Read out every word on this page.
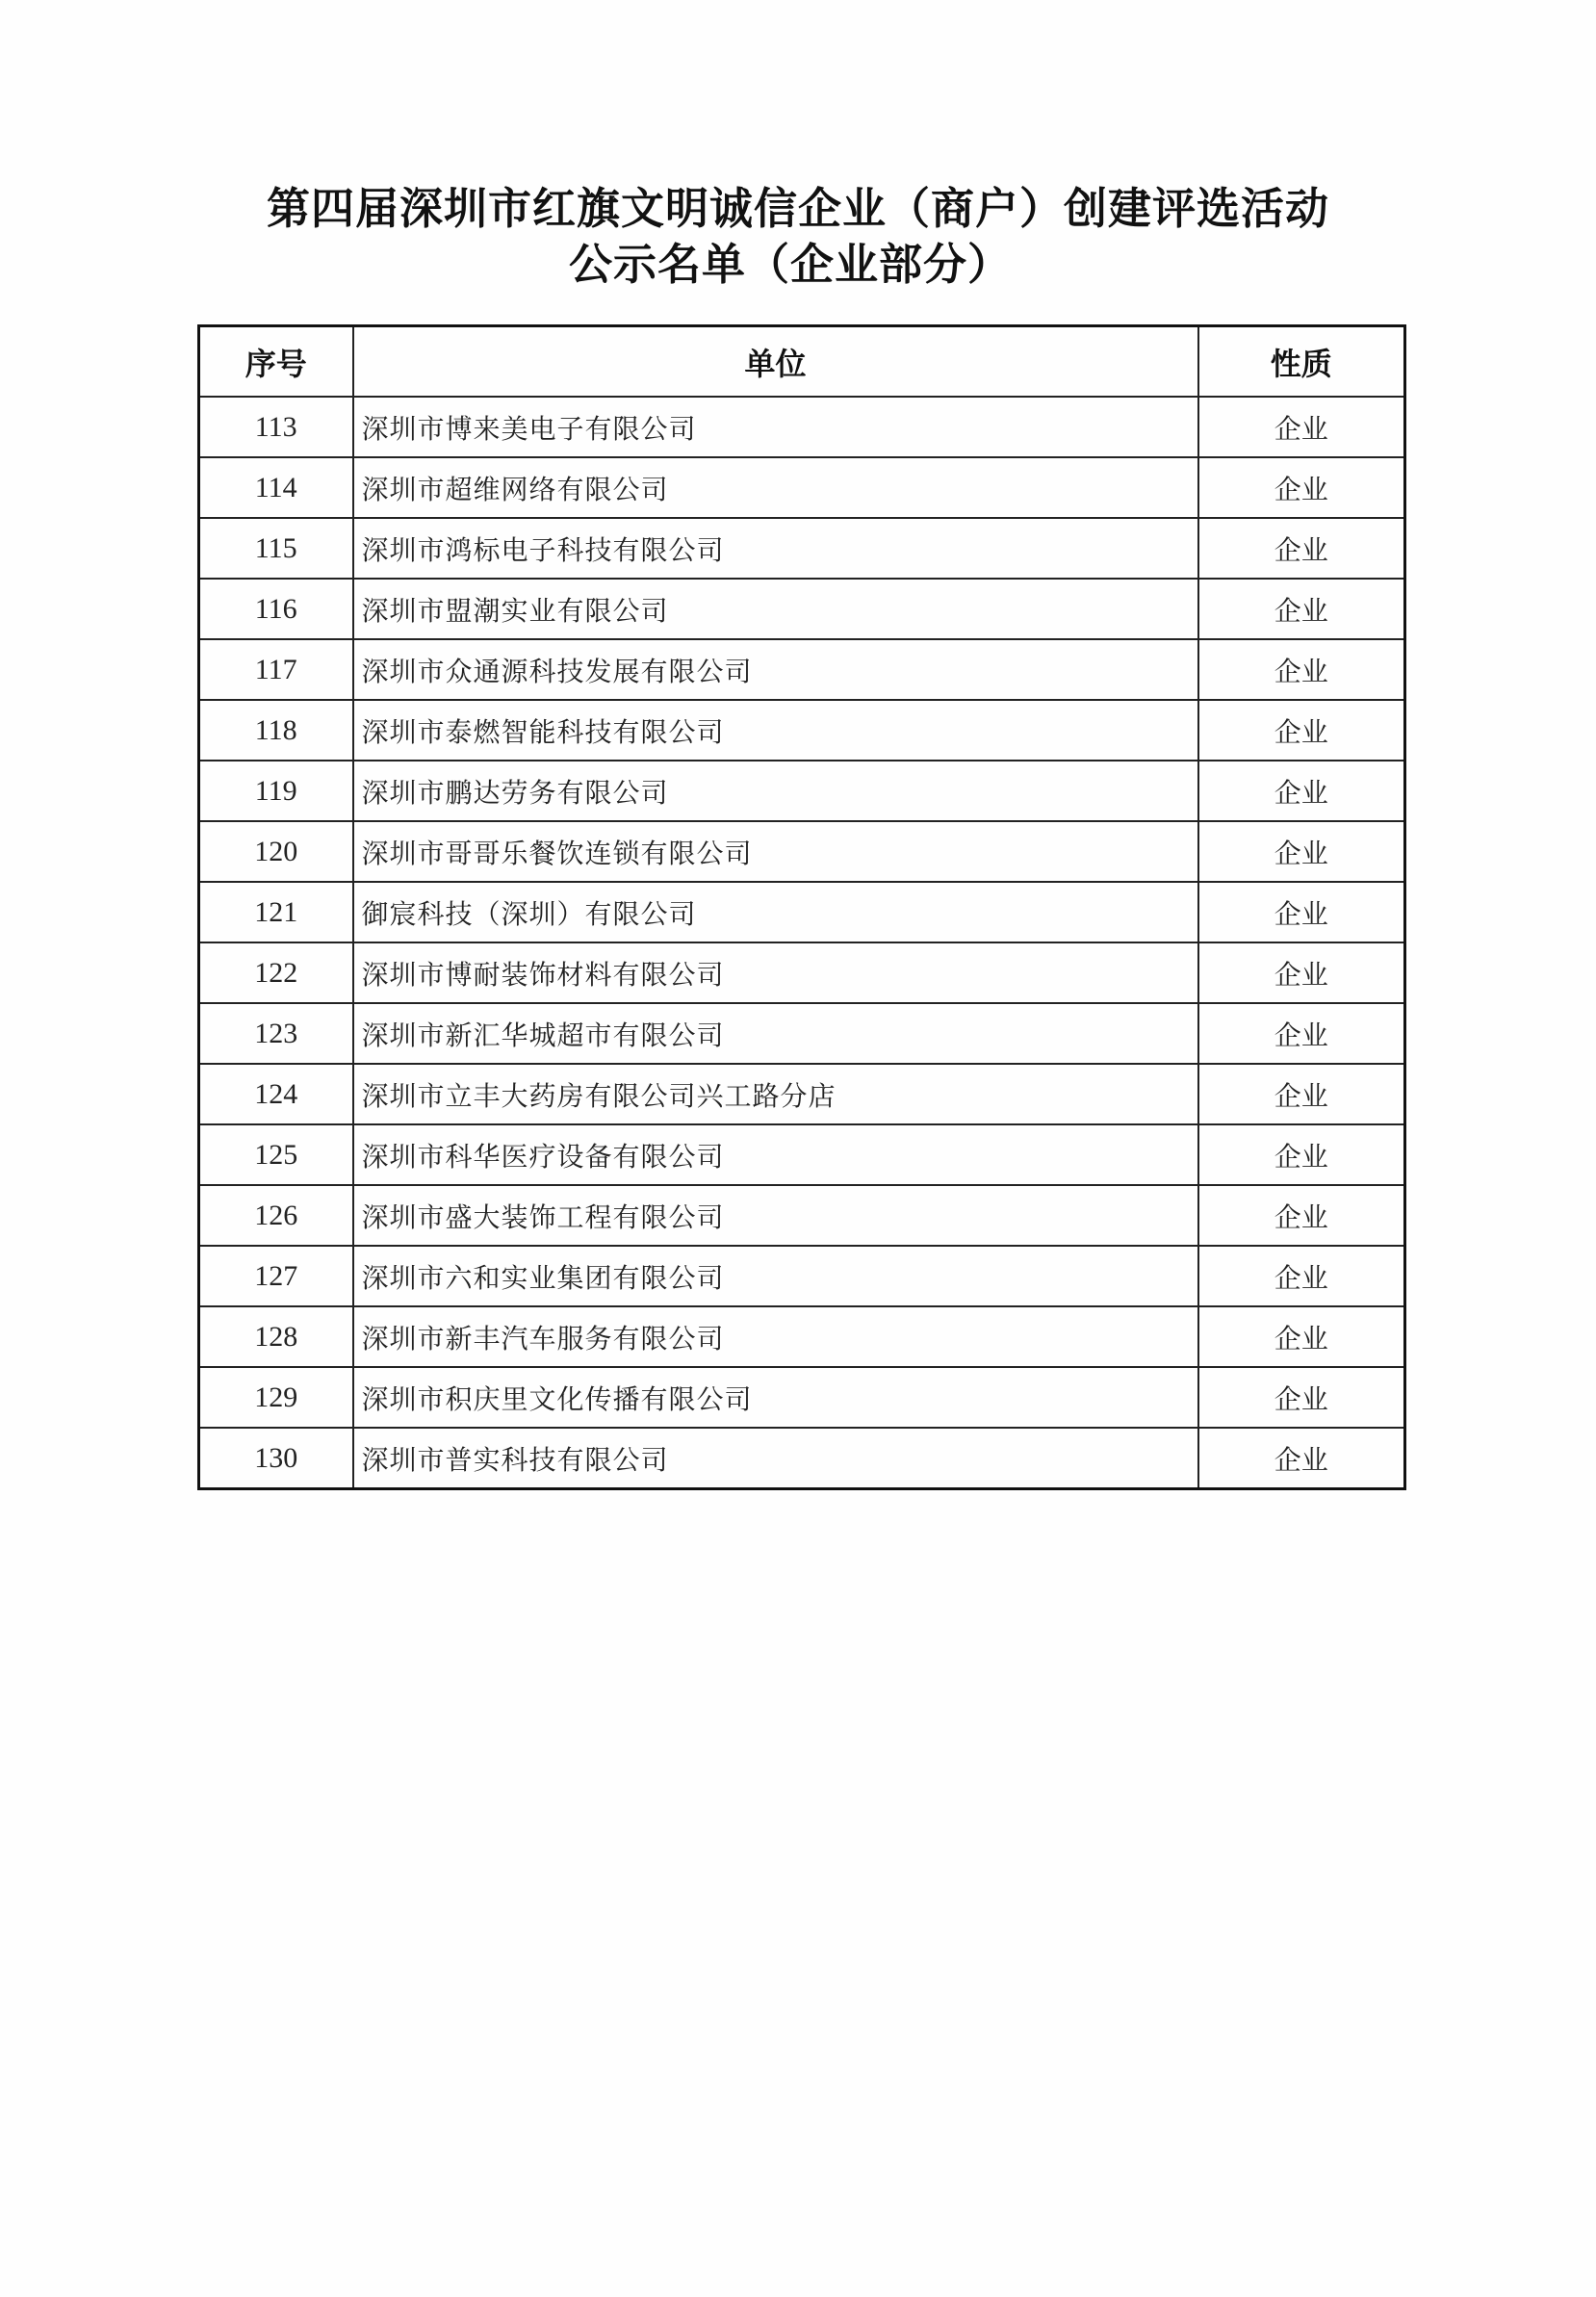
第四届深圳市红旗文明诚信企业（商户）创建评选活动
公示名单（企业部分）
序号	单位	性质
113	深圳市博来美电子有限公司	企业
114	深圳市超维网络有限公司	企业
115	深圳市鸿标电子科技有限公司	企业
116	深圳市盟潮实业有限公司	企业
117	深圳市众通源科技发展有限公司	企业
118	深圳市泰燃智能科技有限公司	企业
119	深圳市鹏达劳务有限公司	企业
120	深圳市哥哥乐餐饮连锁有限公司	企业
121	御宸科技（深圳）有限公司	企业
122	深圳市博耐装饰材料有限公司	企业
123	深圳市新汇华城超市有限公司	企业
124	深圳市立丰大药房有限公司兴工路分店	企业
125	深圳市科华医疗设备有限公司	企业
126	深圳市盛大装饰工程有限公司	企业
127	深圳市六和实业集团有限公司	企业
128	深圳市新丰汽车服务有限公司	企业
129	深圳市积庆里文化传播有限公司	企业
130	深圳市普实科技有限公司	企业
